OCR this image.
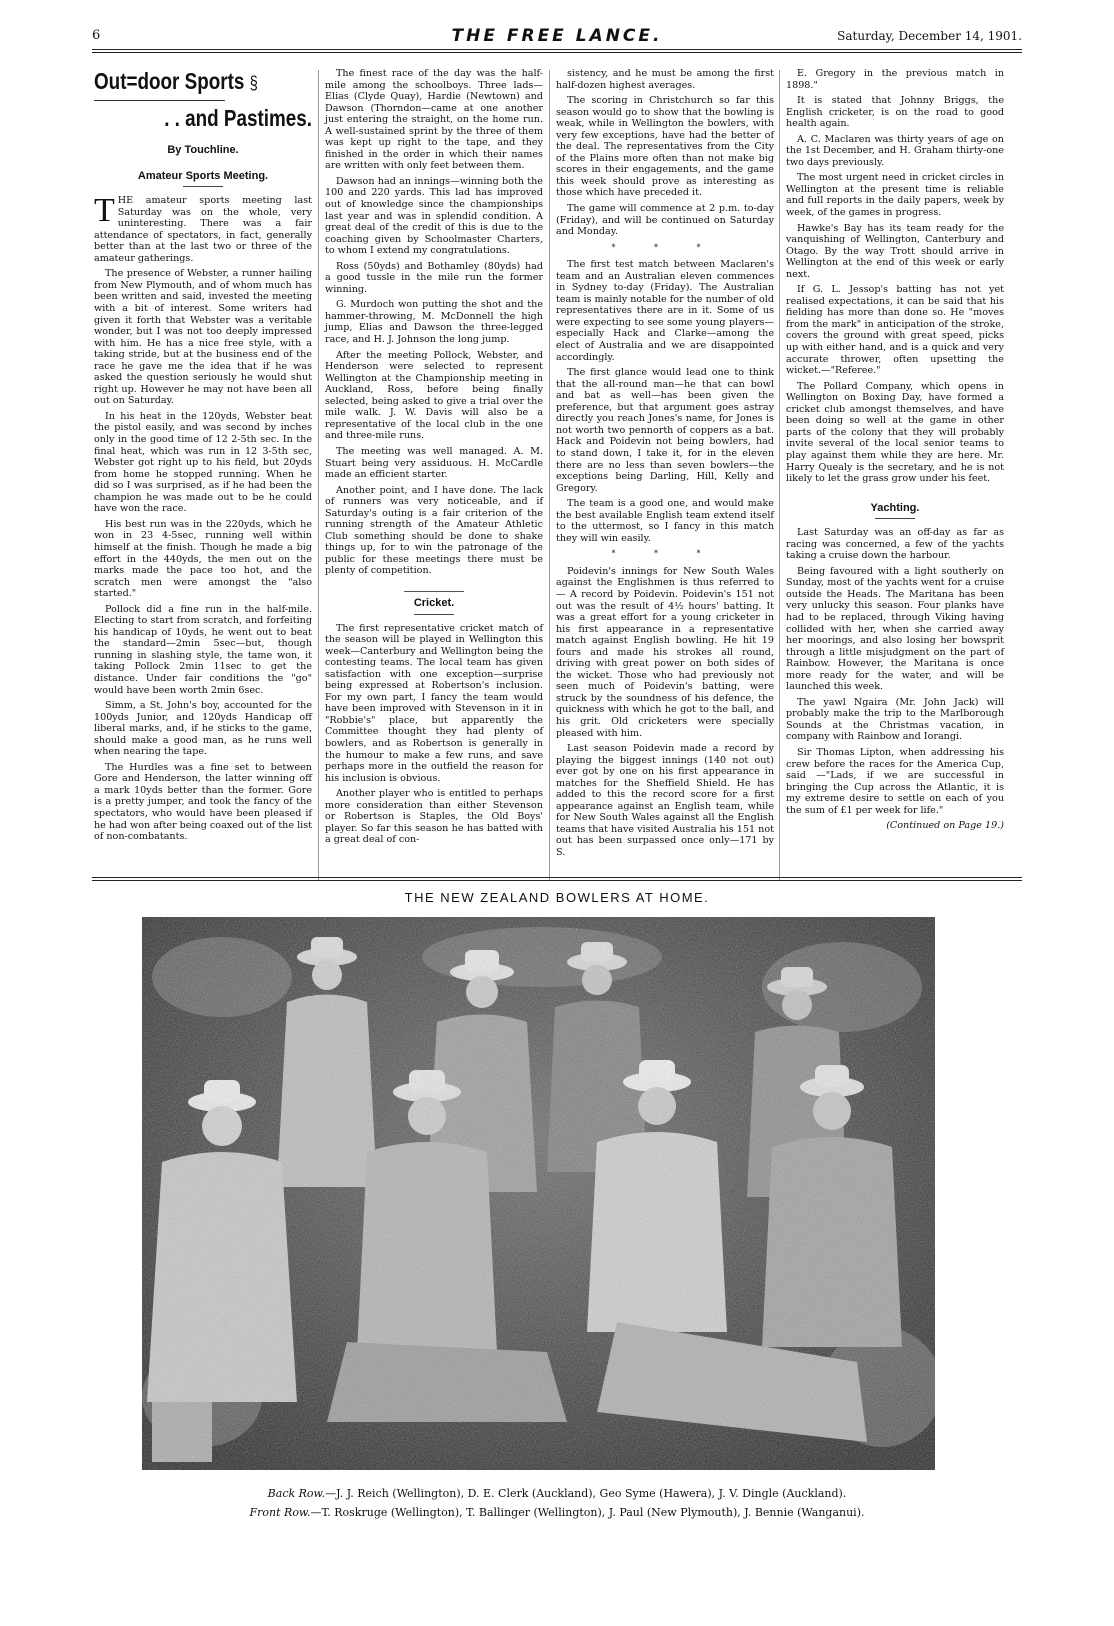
6	THE FREE LANCE.	Saturday, December 14, 1901.
Out=door Sports §
. . and Pastimes.
By Touchline.
Amateur Sports Meeting.

THE amateur sports meeting last Saturday was on the whole, very uninteresting. There was a fair attendance of spectators, in fact, generally better than at the last two or three of the amateur gatherings.

The presence of Webster, a runner hailing from New Plymouth, and of whom much has been written and said, invested the meeting with a bit of interest. Some writers had given it forth that Webster was a veritable wonder, but I was not too deeply impressed with him. He has a nice free style, with a taking stride, but at the business end of the race he gave me the idea that if he was asked the question seriously he would shut right up. However he may not have been all out on Saturday.

In his heat in the 120yds, Webster beat the pistol easily, and was second by inches only in the good time of 12 2-5th sec. In the final heat, which was run in 12 3-5th sec, Webster got right up to his field, but 20yds from home he stopped running. When he did so I was surprised, as if he had been the champion he was made out to be he could have won the race.

His best run was in the 220yds, which he won in 23 4-5sec, running well within himself at the finish. Though he made a big effort in the 440yds, the men out on the marks made the pace too hot, and the scratch men were amongst the "also started."

Pollock did a fine run in the half-mile. Electing to start from scratch, and forfeiting his handicap of 10yds, he went out to beat the standard—2min 5sec—but, though running in slashing style, the tame won, it taking Pollock 2min 11sec to get the distance. Under fair conditions the "go" would have been worth 2min 6sec.

Simm, a St. John's boy, accounted for the 100yds Junior, and 120yds Handicap off liberal marks, and, if he sticks to the game, should make a good man, as he runs well when nearing the tape.

The Hurdles was a fine set to between Gore and Henderson, the latter winning off a mark 10yds better than the former. Gore is a pretty jumper, and took the fancy of the spectators, who would have been pleased if he had won after being coaxed out of the list of non-combatants.

The finest race of the day was the half-mile among the schoolboys. Three lads—Elias (Clyde Quay), Hardie (Newtown) and Dawson (Thorndon—came at one another just entering the straight, on the home run. A well-sustained sprint by the three of them was kept up right to the tape, and they finished in the order in which their names are written with only feet between them.

Dawson had an innings—winning both the 100 and 220 yards. This lad has improved out of knowledge since the championships last year and was in splendid condition. A great deal of the credit of this is due to the coaching given by Schoolmaster Charters, to whom I extend my congratulations.

Ross (50yds) and Bothamley (80yds) had a good tussle in the mile run the former winning.

G. Murdoch won putting the shot and the hammer-throwing, M. McDonnell the high jump, Elias and Dawson the three-legged race, and H. J. Johnson the long jump.

After the meeting Pollock, Webster, and Henderson were selected to represent Wellington at the Championship meeting in Auckland, Ross, before being finally selected, being asked to give a trial over the mile walk. J. W. Davis will also be a representative of the local club in the one and three-mile runs.

The meeting was well managed. A. M. Stuart being very assiduous. H. McCardle made an efficient starter.

Another point, and I have done. The lack of runners was very noticeable, and if Saturday's outing is a fair criterion of the running strength of the Amateur Athletic Club something should be done to shake things up, for to win the patronage of the public for these meetings there must be plenty of competition.

Cricket.

The first representative cricket match of the season will be played in Wellington this week—Canterbury and Wellington being the contesting teams. The local team has given satisfaction with one exception—surprise being expressed at Robertson's inclusion. For my own part, I fancy the team would have been improved with Stevenson in it in "Robbie's" place, but apparently the Committee thought they had plenty of bowlers, and as Robertson is generally in the humour to make a few runs, and save perhaps more in the outfield the reason for his inclusion is obvious.

Another player who is entitled to perhaps more consideration than either Stevenson or Robertson is Staples, the Old Boys' player. So far this season he has batted with a great deal of con-

sistency, and he must be among the first half-dozen highest averages.

The scoring in Christchurch so far this season would go to show that the bowling is weak, while in Wellington the bowlers, with very few exceptions, have had the better of the deal. The representatives from the City of the Plains more often than not make big scores in their engagements, and the game this week should prove as interesting as those which have preceded it.

The game will commence at 2 p.m. to-day (Friday), and will be continued on Saturday and Monday.

* * *

The first test match between Maclaren's team and an Australian eleven commences in Sydney to-day (Friday). The Australian team is mainly notable for the number of old representatives there are in it. Some of us were expecting to see some young players—especially Hack and Clarke—among the elect of Australia and we are disappointed accordingly.

The first glance would lead one to think that the all-round man—he that can bowl and bat as well—has been given the preference, but that argument goes astray directly you reach Jones's name, for Jones is not worth two pennorth of coppers as a bat. Hack and Poidevin not being bowlers, had to stand down, I take it, for in the eleven there are no less than seven bowlers—the exceptions being Darling, Hill, Kelly and Gregory.

The team is a good one, and would make the best available English team extend itself to the uttermost, so I fancy in this match they will win easily.

* * *

Poidevin's innings for New South Wales against the Englishmen is thus referred to — A record by Poidevin. Poidevin's 151 not out was the result of 4½ hours' batting. It was a great effort for a young cricketer in his first appearance in a representative match against English bowling. He hit 19 fours and made his strokes all round, driving with great power on both sides of the wicket. Those who had previously not seen much of Poidevin's batting, were struck by the soundness of his defence, the quickness with which he got to the ball, and his grit. Old cricketers were specially pleased with him.

Last season Poidevin made a record by playing the biggest innings (140 not out) ever got by one on his first appearance in matches for the Sheffield Shield. He has added to this the record score for a first appearance against an English team, while for New South Wales against all the English teams that have visited Australia his 151 not out has been surpassed once only—171 by S.

E. Gregory in the previous match in 1898."

It is stated that Johnny Briggs, the English cricketer, is on the road to good health again.

A. C. Maclaren was thirty years of age on the 1st December, and H. Graham thirty-one two days previously.

The most urgent need in cricket circles in Wellington at the present time is reliable and full reports in the daily papers, week by week, of the games in progress.

Hawke's Bay has its team ready for the vanquishing of Wellington, Canterbury and Otago. By the way Trott should arrive in Wellington at the end of this week or early next.

If G. L. Jessop's batting has not yet realised expectations, it can be said that his fielding has more than done so. He "moves from the mark" in anticipation of the stroke, covers the ground with great speed, picks up with either hand, and is a quick and very accurate thrower, often upsetting the wicket.—"Referee."

The Pollard Company, which opens in Wellington on Boxing Day, have formed a cricket club amongst themselves, and have been doing so well at the game in other parts of the colony that they will probably invite several of the local senior teams to play against them while they are here. Mr. Harry Quealy is the secretary, and he is not likely to let the grass grow under his feet.

Yachting.

Last Saturday was an off-day as far as racing was concerned, a few of the yachts taking a cruise down the harbour.

Being favoured with a light southerly on Sunday, most of the yachts went for a cruise outside the Heads. The Maritana has been very unlucky this season. Four planks have had to be replaced, through Viking having collided with her, when she carried away her moorings, and also losing her bowsprit through a little misjudgment on the part of Rainbow. However, the Maritana is once more ready for the water, and will be launched this week.

The yawl Ngaira (Mr. John Jack) will probably make the trip to the Marlborough Sounds at the Christmas vacation, in company with Rainbow and Iorangi.

Sir Thomas Lipton, when addressing his crew before the races for the America Cup, said —"Lads, if we are successful in bringing the Cup across the Atlantic, it is my extreme desire to settle on each of you the sum of £1 per week for life."

(Continued on Page 19.)

THE NEW ZEALAND BOWLERS AT HOME.
Back Row.—J. J. Reich (Wellington), D. E. Clerk (Auckland), Geo Syme (Hawera), J. V. Dingle (Auckland).
Front Row.—T. Roskruge (Wellington), T. Ballinger (Wellington), J. Paul (New Plymouth), J. Bennie (Wanganui).
